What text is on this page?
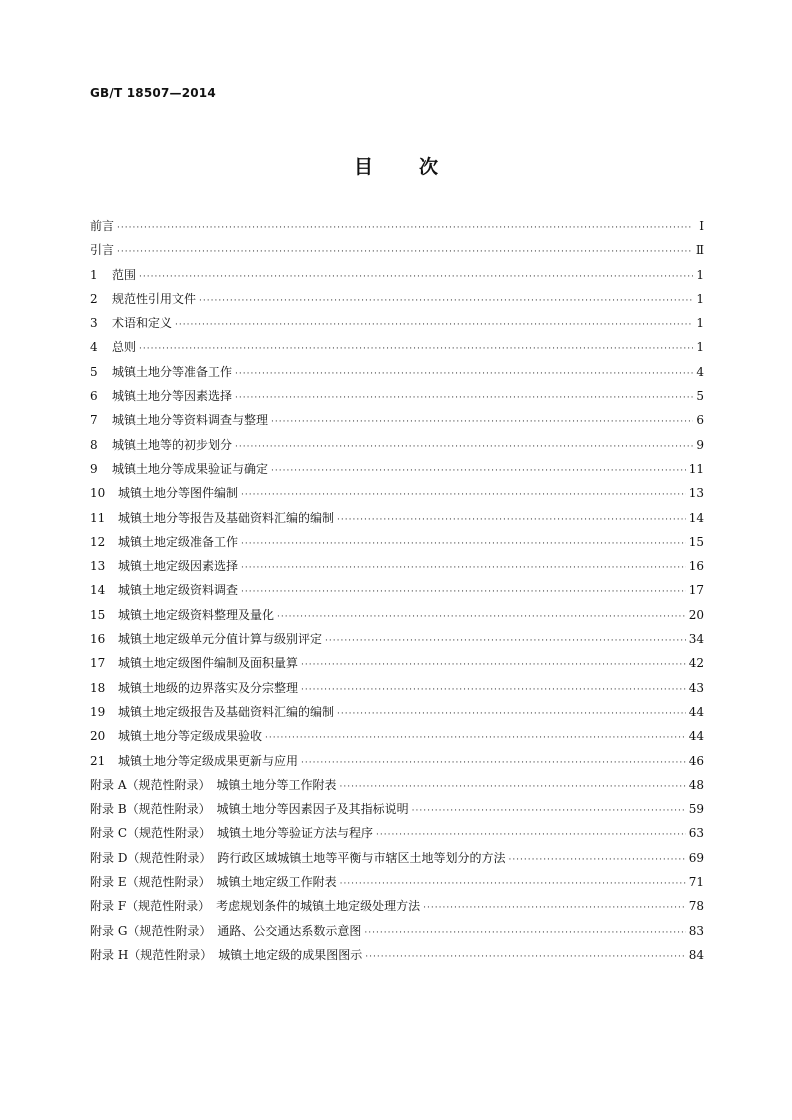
GB/T 18507—2014
目 次
前言 ·····	Ⅰ
引言 ·····	Ⅱ
1	范围 ·····	1
2	规范性引用文件 ·····	1
3	术语和定义 ·····	1
4	总则 ·····	1
5	城镇土地分等准备工作 ·····	4
6	城镇土地分等因素选择 ·····	5
7	城镇土地分等资料调查与整理 ·····	6
8	城镇土地等的初步划分 ·····	9
9	城镇土地分等成果验证与确定 ·····	11
10	城镇土地分等图件编制 ·····	13
11	城镇土地分等报告及基础资料汇编的编制 ·····	14
12	城镇土地定级准备工作 ·····	15
13	城镇土地定级因素选择 ·····	16
14	城镇土地定级资料调查 ·····	17
15	城镇土地定级资料整理及量化 ·····	20
16	城镇土地定级单元分值计算与级别评定 ·····	34
17	城镇土地定级图件编制及面积量算 ·····	42
18	城镇土地级的边界落实及分宗整理 ·····	43
19	城镇土地定级报告及基础资料汇编的编制 ·····	44
20	城镇土地分等定级成果验收 ·····	44
21	城镇土地分等定级成果更新与应用 ·····	46
附录 A（规范性附录）　城镇土地分等工作附表 ·····	48
附录 B（规范性附录）　城镇土地分等因素因子及其指标说明 ·····	59
附录 C（规范性附录）　城镇土地分等验证方法与程序 ·····	63
附录 D（规范性附录）　跨行政区域城镇土地等平衡与市辖区土地等划分的方法 ·····	69
附录 E（规范性附录）　城镇土地定级工作附表 ·····	71
附录 F（规范性附录）　考虑规划条件的城镇土地定级处理方法 ·····	78
附录 G（规范性附录）　通路、公交通达系数示意图 ·····	83
附录 H（规范性附录）　城镇土地定级的成果图图示 ·····	84
